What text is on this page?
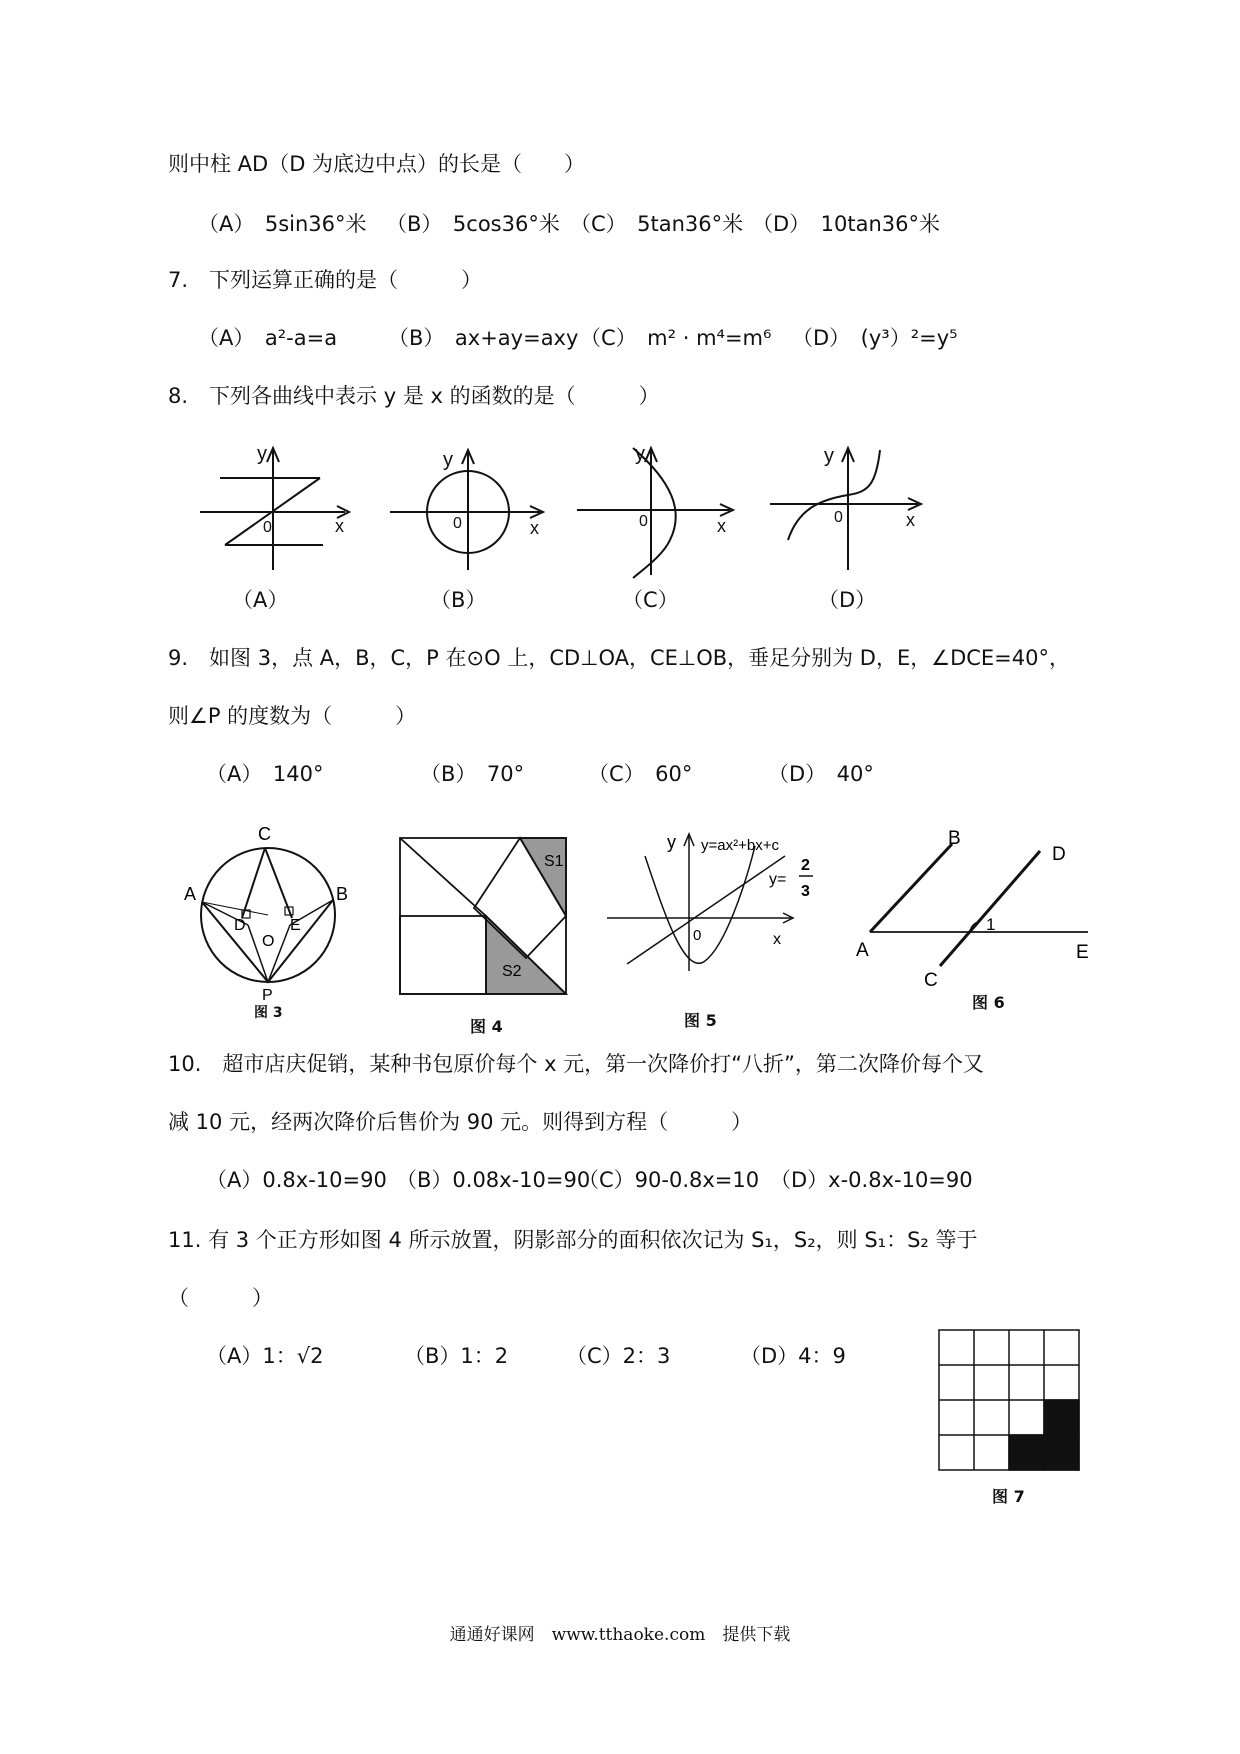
则中柱 AD（D 为底边中点）的长是（　　）
（A）　5sin36°米 （B）　5cos36°米 （C）　5tan36°米 （D）　10tan36°米
7.　下列运算正确的是（　　　）
（A）　a²-a=a （B）　ax+ay=axy （C）　m² · m⁴=m⁶ （D）　(y³）²=y⁵
8.　下列各曲线中表示 y 是 x 的函数的是（　　　）
y
x
0
（A）
y
x
0
（B）
y
x
0
（C）
y
x
0
（D）
9.　如图 3，点 A，B，C，P 在⊙O 上，CD⊥OA，CE⊥OB，垂足分别为 D，E，∠DCE=40°，
则∠P 的度数为（　　　）
（A）　140°	（B）　70°	（C）　60°	（D）　40°
C
A	B
D	E
O
P
图 3
S1
S2
图 4
y y=ax²+bx+c
y=
2
3
0	x
图 5
B
D
1
A	E
C
图 6
10.　超市店庆促销，某种书包原价每个 x 元，第一次降价打“八折”，第二次降价每个又
减 10 元，经两次降价后售价为 90 元。则得到方程（　　　）
（A）0.8x-10=90 （B）0.08x-10=90
（C）90-0.8x=10 （D）x-0.8x-10=90
11. 有 3 个正方形如图 4 所示放置，阴影部分的面积依次记为 S₁，S₂，则 S₁：S₂ 等于
（　　　）
（A）1：√2	（B）1：2	（C）2：3	（D）4：9
图 7
通通好课网　www.tthaoke.com　提供下载
